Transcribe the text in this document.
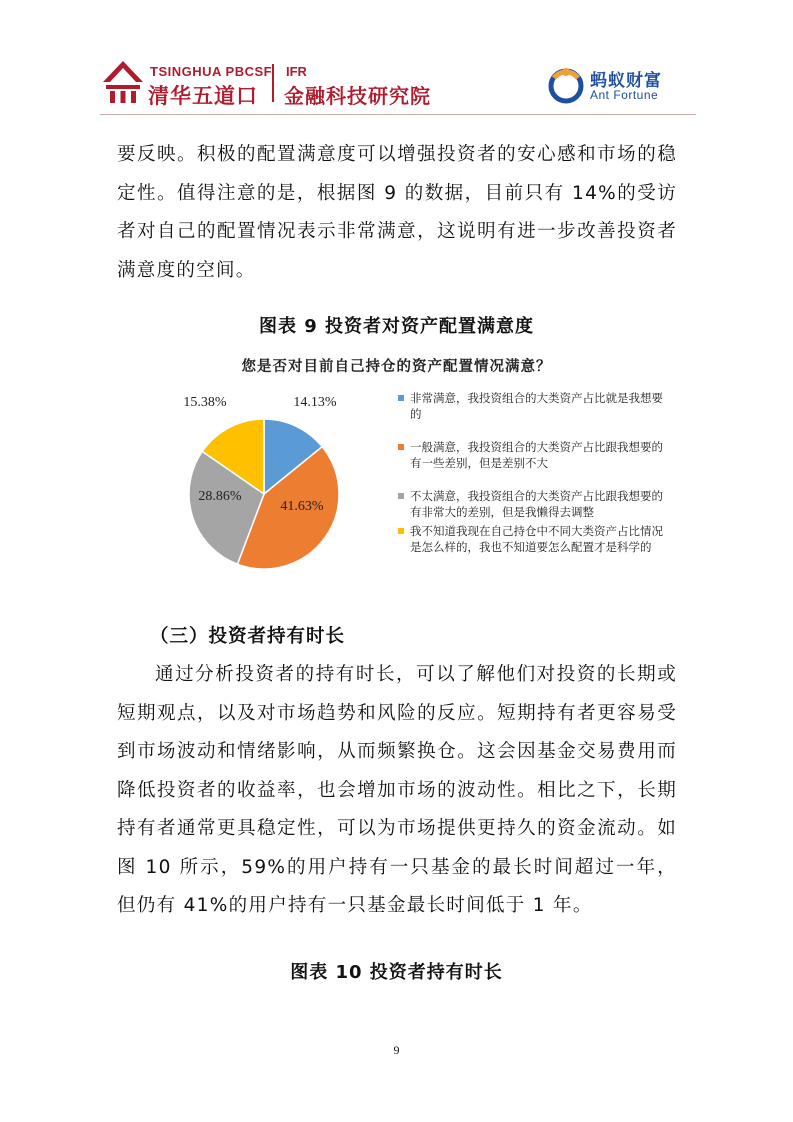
TSINGHUA PBCSF
清华五道口
IFR
金融科技研究院
蚂蚁财富
Ant Fortune
要反映。积极的配置满意度可以增强投资者的安心感和市场的稳定性。值得注意的是，根据图 9 的数据，目前只有 14%的受访者对自己的配置情况表示非常满意，这说明有进一步改善投资者满意度的空间。
图表 9 投资者对资产配置满意度
您是否对目前自己持仓的资产配置情况满意？
14.13%
41.63%
28.86%
15.38%	非常满意，我投资组合的大类资产占比就是我想要的
一般满意，我投资组合的大类资产占比跟我想要的有一些差别，但是差别不大
不太满意，我投资组合的大类资产占比跟我想要的有非常大的差别，但是我懒得去调整
我不知道我现在自己持仓中不同大类资产占比情况是怎么样的，我也不知道要怎么配置才是科学的
（三）投资者持有时长
通过分析投资者的持有时长，可以了解他们对投资的长期或短期观点，以及对市场趋势和风险的反应。短期持有者更容易受到市场波动和情绪影响，从而频繁换仓。这会因基金交易费用而降低投资者的收益率，也会增加市场的波动性。相比之下，长期持有者通常更具稳定性，可以为市场提供更持久的资金流动。如图 10 所示，59%的用户持有一只基金的最长时间超过一年，但仍有 41%的用户持有一只基金最长时间低于 1 年。
图表 10 投资者持有时长
9
